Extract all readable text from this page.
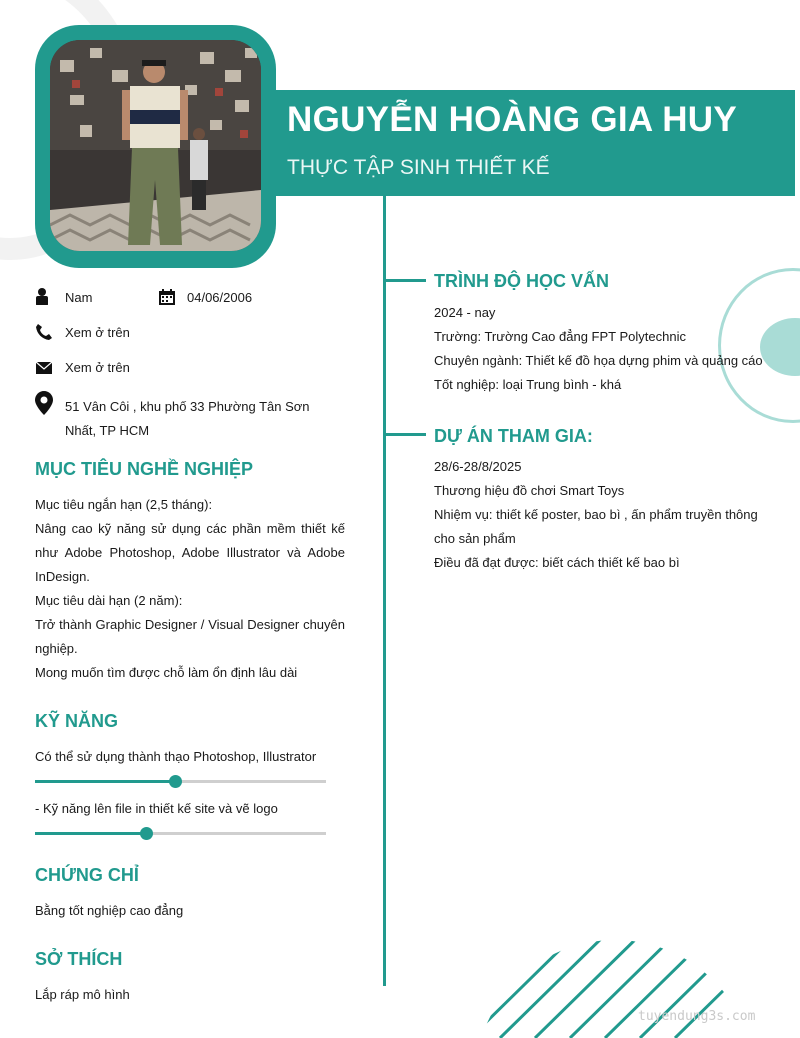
NGUYỄN HOÀNG GIA HUY
THỰC TẬP SINH THIẾT KẾ
Nam	04/06/2006
Xem ở trên
Xem ở trên
51 Vân Côi , khu phố 33 Phường Tân Sơn
Nhất, TP HCM
MỤC TIÊU NGHỀ NGHIỆP
Mục tiêu ngắn hạn (2,5 tháng):
Nâng cao kỹ năng sử dụng các phần mềm thiết kế như Adobe Photoshop, Adobe Illustrator và Adobe InDesign.
Mục tiêu dài hạn (2 năm):
Trở thành Graphic Designer / Visual Designer chuyên nghiệp.
Mong muốn tìm được chỗ làm ổn định lâu dài
KỸ NĂNG
Có thể sử dụng thành thạo Photoshop, Illustrator
- Kỹ năng lên file in thiết kế site và vẽ logo
CHỨNG CHỈ
Bằng tốt nghiệp cao đẳng
SỞ THÍCH
Lắp ráp mô hình
TRÌNH ĐỘ HỌC VẤN
2024 - nay
Trường: Trường Cao đẳng FPT Polytechnic
Chuyên ngành: Thiết kế đồ họa dựng phim và quảng cáo
Tốt nghiệp: loại Trung bình - khá
DỰ ÁN THAM GIA:
28/6-28/8/2025
Thương hiệu đồ chơi Smart Toys
Nhiệm vụ: thiết kế poster, bao bì , ấn phẩm truyền thông
cho sản phẩm
Điều đã đạt được: biết cách thiết kế bao bì
tuyendung3s.com
